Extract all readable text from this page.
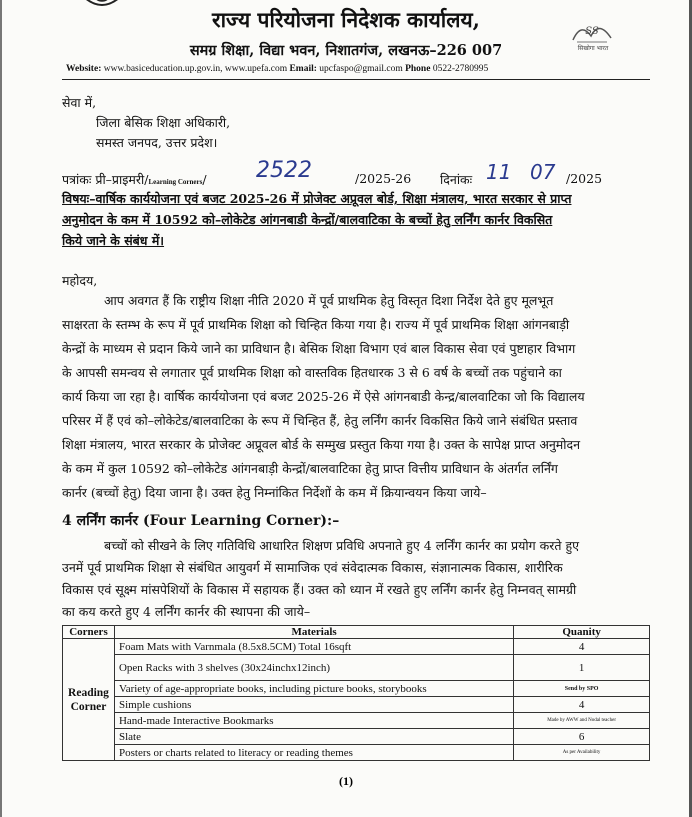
SS
सिखोगा भारत
राज्य परियोजना निदेशक कार्यालय,
समग्र शिक्षा, विद्या भवन, निशातगंज, लखनऊ–226 007
Website: www.basiceducation.up.gov.in, www.upefa.com Email: upcfaspo@gmail.com Phone 0522-2780995
सेवा में,
जिला बेसिक शिक्षा अधिकारी,
समस्त जनपद, उत्तर प्रदेश।
पत्रांकः प्री–प्राइमरी/Learning Corners/ 2522	/2025-26 दिनांकः 11 07 /2025
विषयः–वार्षिक कार्ययोजना एवं बजट 2025-26 में प्रोजेक्ट अप्रूवल बोर्ड, शिक्षा मंत्रालय, भारत सरकार से प्राप्त
अनुमोदन के कम में 10592 को–लोकेटेड आंगनबाडी केन्द्रों/बालवाटिका के बच्चों हेतु लर्निंग कार्नर विकसित
किये जाने के संबंध में।
महोदय,
आप अवगत हैं कि राष्ट्रीय शिक्षा नीति 2020 में पूर्व प्राथमिक हेतु विस्तृत दिशा निर्देश देते हुए मूलभूत
साक्षरता के स्तम्भ के रूप में पूर्व प्राथमिक शिक्षा को चिन्हित किया गया है। राज्य में पूर्व प्राथमिक शिक्षा आंगनबाड़ी
केन्द्रों के माध्यम से प्रदान किये जाने का प्राविधान है। बेसिक शिक्षा विभाग एवं बाल विकास सेवा एवं पुष्टाहार विभाग
के आपसी समन्वय से लगातार पूर्व प्राथमिक शिक्षा को वास्तविक हितधारक 3 से 6 वर्ष के बच्चों तक पहुंचाने का
कार्य किया जा रहा है। वार्षिक कार्ययोजना एवं बजट 2025-26 में ऐसे आंगनबाडी केन्द्र/बालवाटिका जो कि विद्यालय
परिसर में हैं एवं को–लोकेटेड/बालवाटिका के रूप में चिन्हित हैं, हेतु लर्निंग कार्नर विकसित किये जाने संबंधित प्रस्ताव
शिक्षा मंत्रालय, भारत सरकार के प्रोजेक्ट अप्रूवल बोर्ड के सम्मुख प्रस्तुत किया गया है। उक्त के सापेक्ष प्राप्त अनुमोदन
के कम में कुल 10592 को–लोकेटेड आंगनबाड़ी केन्द्रों/बालवाटिका हेतु प्राप्त वित्तीय प्राविधान के अंतर्गत लर्निंग
कार्नर (बच्चों हेतु) दिया जाना है। उक्त हेतु निम्नांकित निर्देशों के कम में क्रियान्वयन किया जाये–
4 लर्निंग कार्नर (Four Learning Corner):–
बच्चों को सीखने के लिए गतिविधि आधारित शिक्षण प्रविधि अपनाते हुए 4 लर्निंग कार्नर का प्रयोग करते हुए
उनमें पूर्व प्राथमिक शिक्षा से संबंधित आयुवर्ग में सामाजिक एवं संवेदात्मक विकास, संज्ञानात्मक विकास, शारीरिक
विकास एवं सूक्ष्म मांसपेशियों के विकास में सहायक हैं। उक्त को ध्यान में रखते हुए लर्निंग कार्नर हेतु निम्नवत् सामग्री
का कय करते हुए 4 लर्निंग कार्नर की स्थापना की जाये–
Corners	Materials	Quanity
Reading Corner	Foam Mats with Varnmala (8.5x8.5CM) Total 16sqft	4
	Open Racks with 3 shelves (30x24inchx12inch)	1
	Variety of age-appropriate books, including picture books, storybooks	Send by SPO
	Simple cushions	4
	Hand-made Interactive Bookmarks	Made by AWW and Nodal teacher
	Slate	6
	Posters or charts related to literacy or reading themes	As per Availability
(1)
